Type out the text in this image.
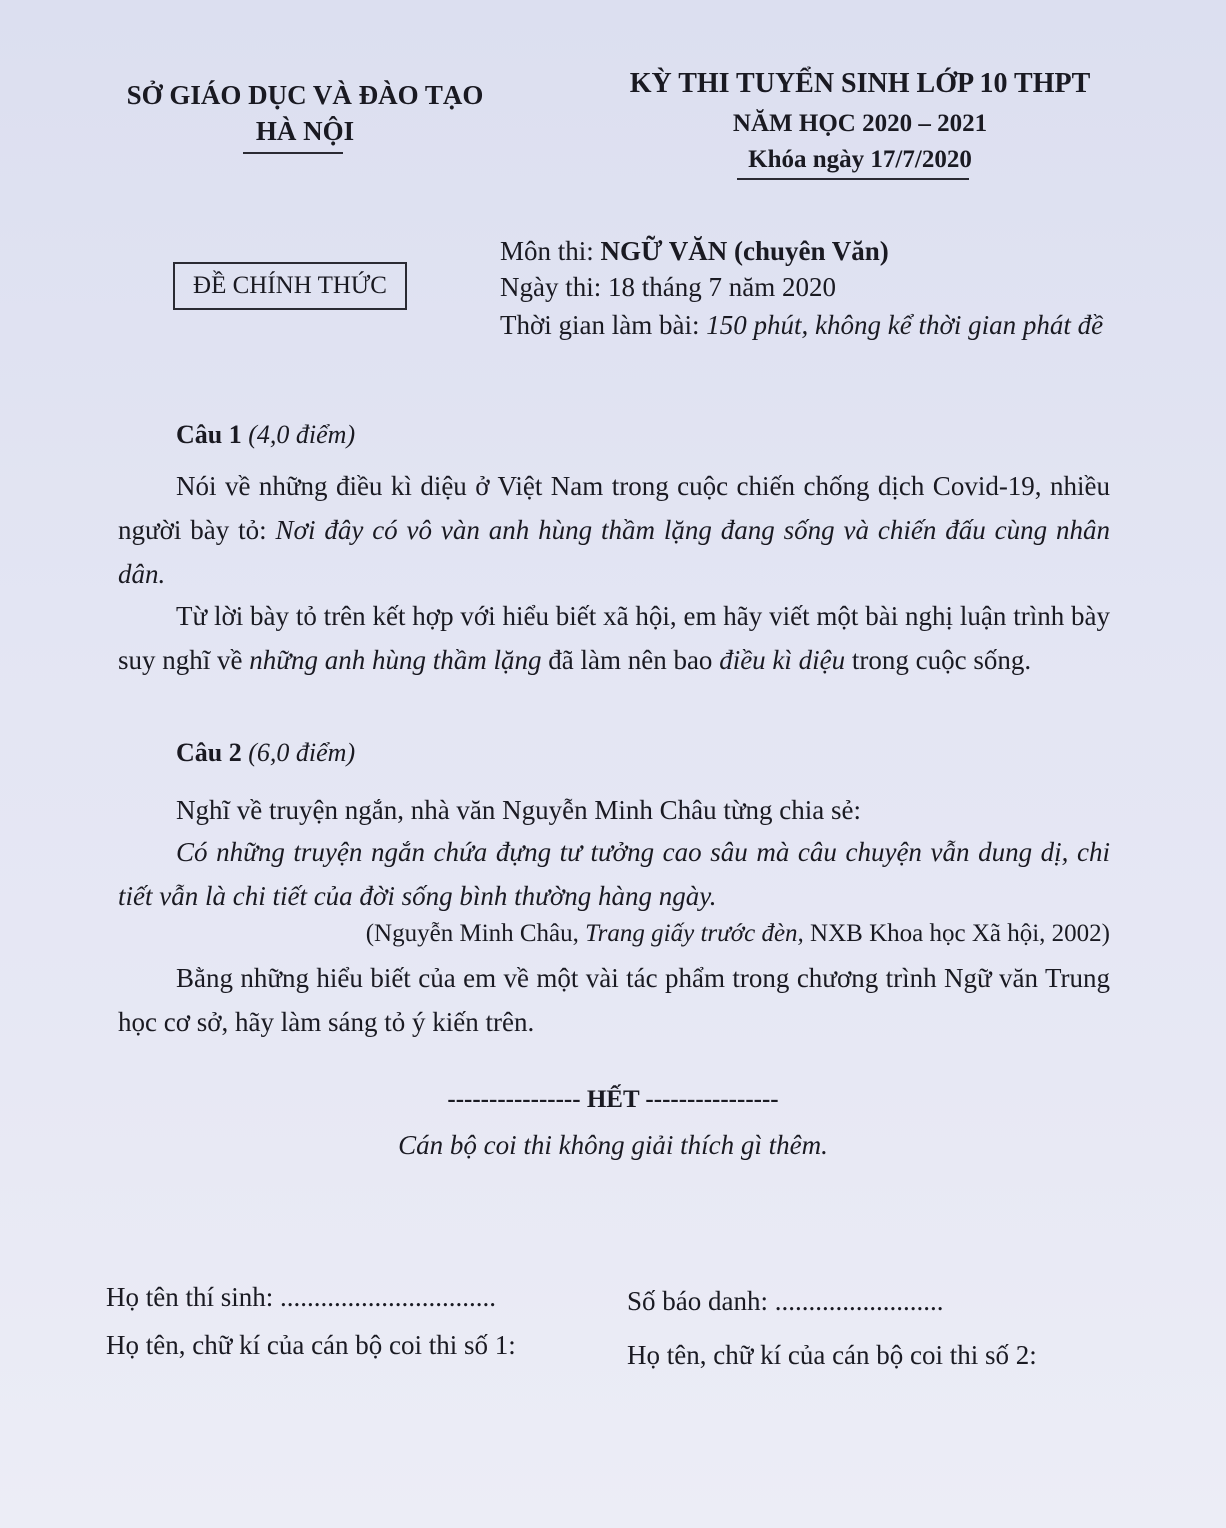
SỞ GIÁO DỤC VÀ ĐÀO TẠO
HÀ NỘI
KỲ THI TUYỂN SINH LỚP 10 THPT
NĂM HỌC 2020 – 2021
Khóa ngày 17/7/2020
ĐỀ CHÍNH THỨC
Môn thi: NGỮ VĂN (chuyên Văn)
Ngày thi: 18 tháng 7 năm 2020
Thời gian làm bài: 150 phút, không kể thời gian phát đề
Câu 1 (4,0 điểm)
Nói về những điều kì diệu ở Việt Nam trong cuộc chiến chống dịch Covid-19, nhiều người bày tỏ: Nơi đây có vô vàn anh hùng thầm lặng đang sống và chiến đấu cùng nhân dân.
Từ lời bày tỏ trên kết hợp với hiểu biết xã hội, em hãy viết một bài nghị luận trình bày suy nghĩ về những anh hùng thầm lặng đã làm nên bao điều kì diệu trong cuộc sống.
Câu 2 (6,0 điểm)
Nghĩ về truyện ngắn, nhà văn Nguyễn Minh Châu từng chia sẻ:
Có những truyện ngắn chứa đựng tư tưởng cao sâu mà câu chuyện vẫn dung dị, chi tiết vẫn là chi tiết của đời sống bình thường hàng ngày.
(Nguyễn Minh Châu, Trang giấy trước đèn, NXB Khoa học Xã hội, 2002)
Bằng những hiểu biết của em về một vài tác phẩm trong chương trình Ngữ văn Trung học cơ sở, hãy làm sáng tỏ ý kiến trên.
---------------- HẾT ----------------
Cán bộ coi thi không giải thích gì thêm.
Họ tên thí sinh: ................................	Số báo danh: .........................
Họ tên, chữ kí của cán bộ coi thi số 1:	Họ tên, chữ kí của cán bộ coi thi số 2:
